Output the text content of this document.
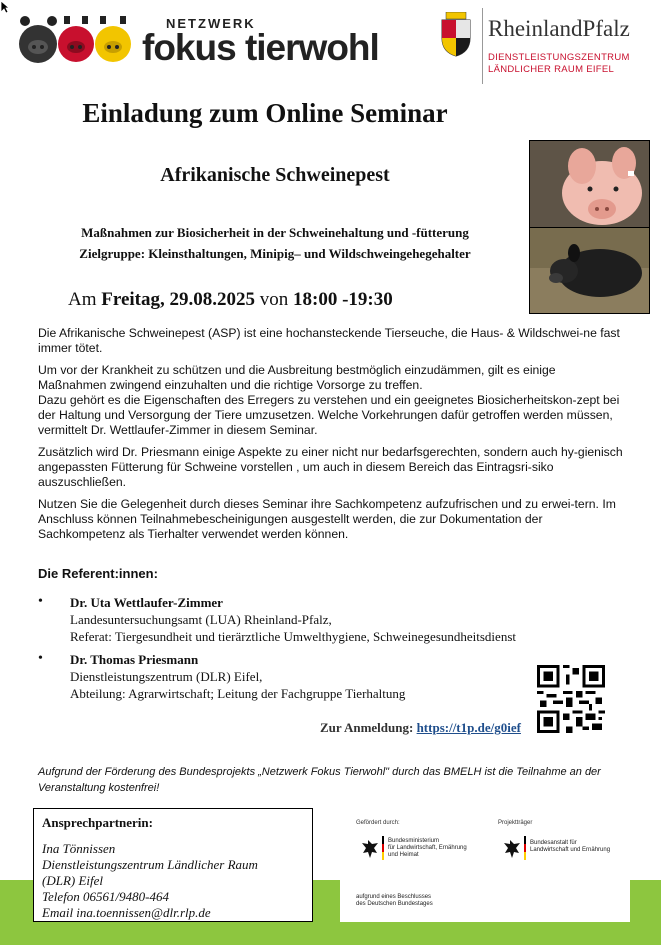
NETZWERK
fokus tierwohl	RheinlandPfalz
DIENSTLEISTUNGSZENTRUM
LÄNDLICHER RAUM EIFEL
Einladung zum Online Seminar
Afrikanische Schweinepest
Maßnahmen zur Biosicherheit in der Schweinehaltung und -fütterung
Zielgruppe: Kleinsthaltungen, Minipig– und Wildschweingehegehalter
Am Freitag, 29.08.2025 von 18:00 -19:30

Die Afrikanische Schweinepest (ASP) ist eine hochansteckende Tierseuche, die Haus- & Wildschwei-ne fast immer tötet.

Um vor der Krankheit zu schützen und die Ausbreitung bestmöglich einzudämmen, gilt es einige Maßnahmen zwingend einzuhalten und die richtige Vorsorge zu treffen.

Dazu gehört es die Eigenschaften des Erregers zu verstehen und ein geeignetes Biosicherheitskon-zept bei der Haltung und Versorgung der Tiere umzusetzen. Welche Vorkehrungen dafür getroffen werden müssen, vermittelt Dr. Wettlaufer-Zimmer in diesem Seminar.

Zusätzlich wird Dr. Priesmann einige Aspekte zu einer nicht nur bedarfsgerechten, sondern auch hy-gienisch angepassten Fütterung für Schweine vorstellen , um auch in diesem Bereich das Eintragsri-siko auszuschließen.

Nutzen Sie die Gelegenheit durch dieses Seminar ihre Sachkompetenz aufzufrischen und zu erwei-tern. Im Anschluss können Teilnahmebescheinigungen ausgestellt werden, die zur Dokumentation der Sachkompetenz als Tierhalter verwendet werden können.

Die Referent:innen:
• Dr. Uta Wettlaufer-Zimmer
Landesuntersuchungsamt (LUA) Rheinland-Pfalz,
Referat: Tiergesundheit und tierärztliche Umwelthygiene, Schweinegesundheitsdienst
• Dr. Thomas Priesmann
Dienstleistungszentrum (DLR) Eifel,
Abteilung: Agrarwirtschaft; Leitung der Fachgruppe Tierhaltung
Zur Anmeldung: https://t1p.de/g0ief
Aufgrund der Förderung des Bundesprojekts „Netzwerk Fokus Tierwohl" durch das BMELH ist die Teilnahme an der Veranstaltung kostenfrei!
Ansprechpartnerin:
Ina Tönnissen
Dienstleistungszentrum Ländlicher Raum
(DLR) Eifel
Telefon 06561/9480-464
Email ina.toennissen@dlr.rlp.de
Gefördert durch:
Bundesministerium
für Landwirtschaft, Ernährung
und Heimat
aufgrund eines Beschlusses
des Deutschen Bundestages
Projektträger
Bundesanstalt für
Landwirtschaft und Ernährung
